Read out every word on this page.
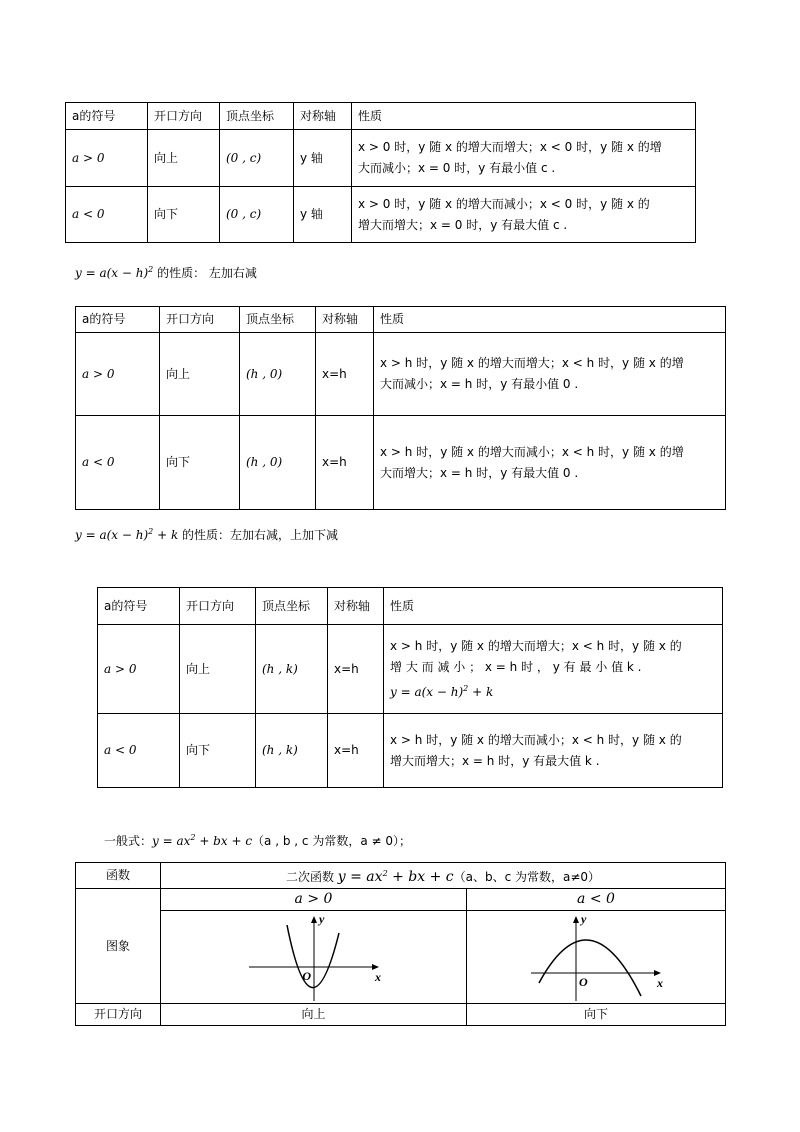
a的符号	开口方向	顶点坐标	对称轴	性质
a > 0	向上	(0 , c)	y 轴	x > 0 时，y 随 x 的增大而增大；x < 0 时，y 随 x 的增
大而减小；x = 0 时，y 有最小值 c .

a < 0	向下	(0 , c)	y 轴	x > 0 时，y 随 x 的增大而减小；x < 0 时，y 随 x 的
增大而增大；x = 0 时，y 有最大值 c .
$y = a(x - h)^2$ 的性质： 左加右减
a的符号	开口方向	顶点坐标	对称轴	性质
a > 0	向上	(h , 0)	x=h	x > h 时，y 随 x 的增大而增大；x < h 时，y 随 x 的增
大而减小；x = h 时，y 有最小值 0 .

a < 0	向下	(h , 0)	x=h	x > h 时，y 随 x 的增大而减小；x < h 时，y 随 x 的增
大而增大；x = h 时，y 有最大值 0 .
$y = a(x - h)^2 + k$ 的性质：左加右减，上加下减
a的符号	开口方向	顶点坐标	对称轴	性质
a > 0	向上	(h , k)	x=h	x > h 时，y 随 x 的增大而增大；x < h 时，y 随 x 的
增 大 而 减 小 ； x = h 时 ， y 有 最 小 值 k .
$y = a(x - h)^2 + k$

a < 0	向下	(h , k)	x=h	x > h 时，y 随 x 的增大而减小；x < h 时，y 随 x 的
增大而增大；x = h 时，y 有最大值 k .
一般式：$y = ax^2$ + bx + c（a , b , c 为常数，a ≠ 0）；
函数	二次函数 $y = ax^2$ + bx + c（a、b、c 为常数，a≠0）	
图象	a > 0	a < 0

y
x
O	y
x
O

开口方向	向上	向下
